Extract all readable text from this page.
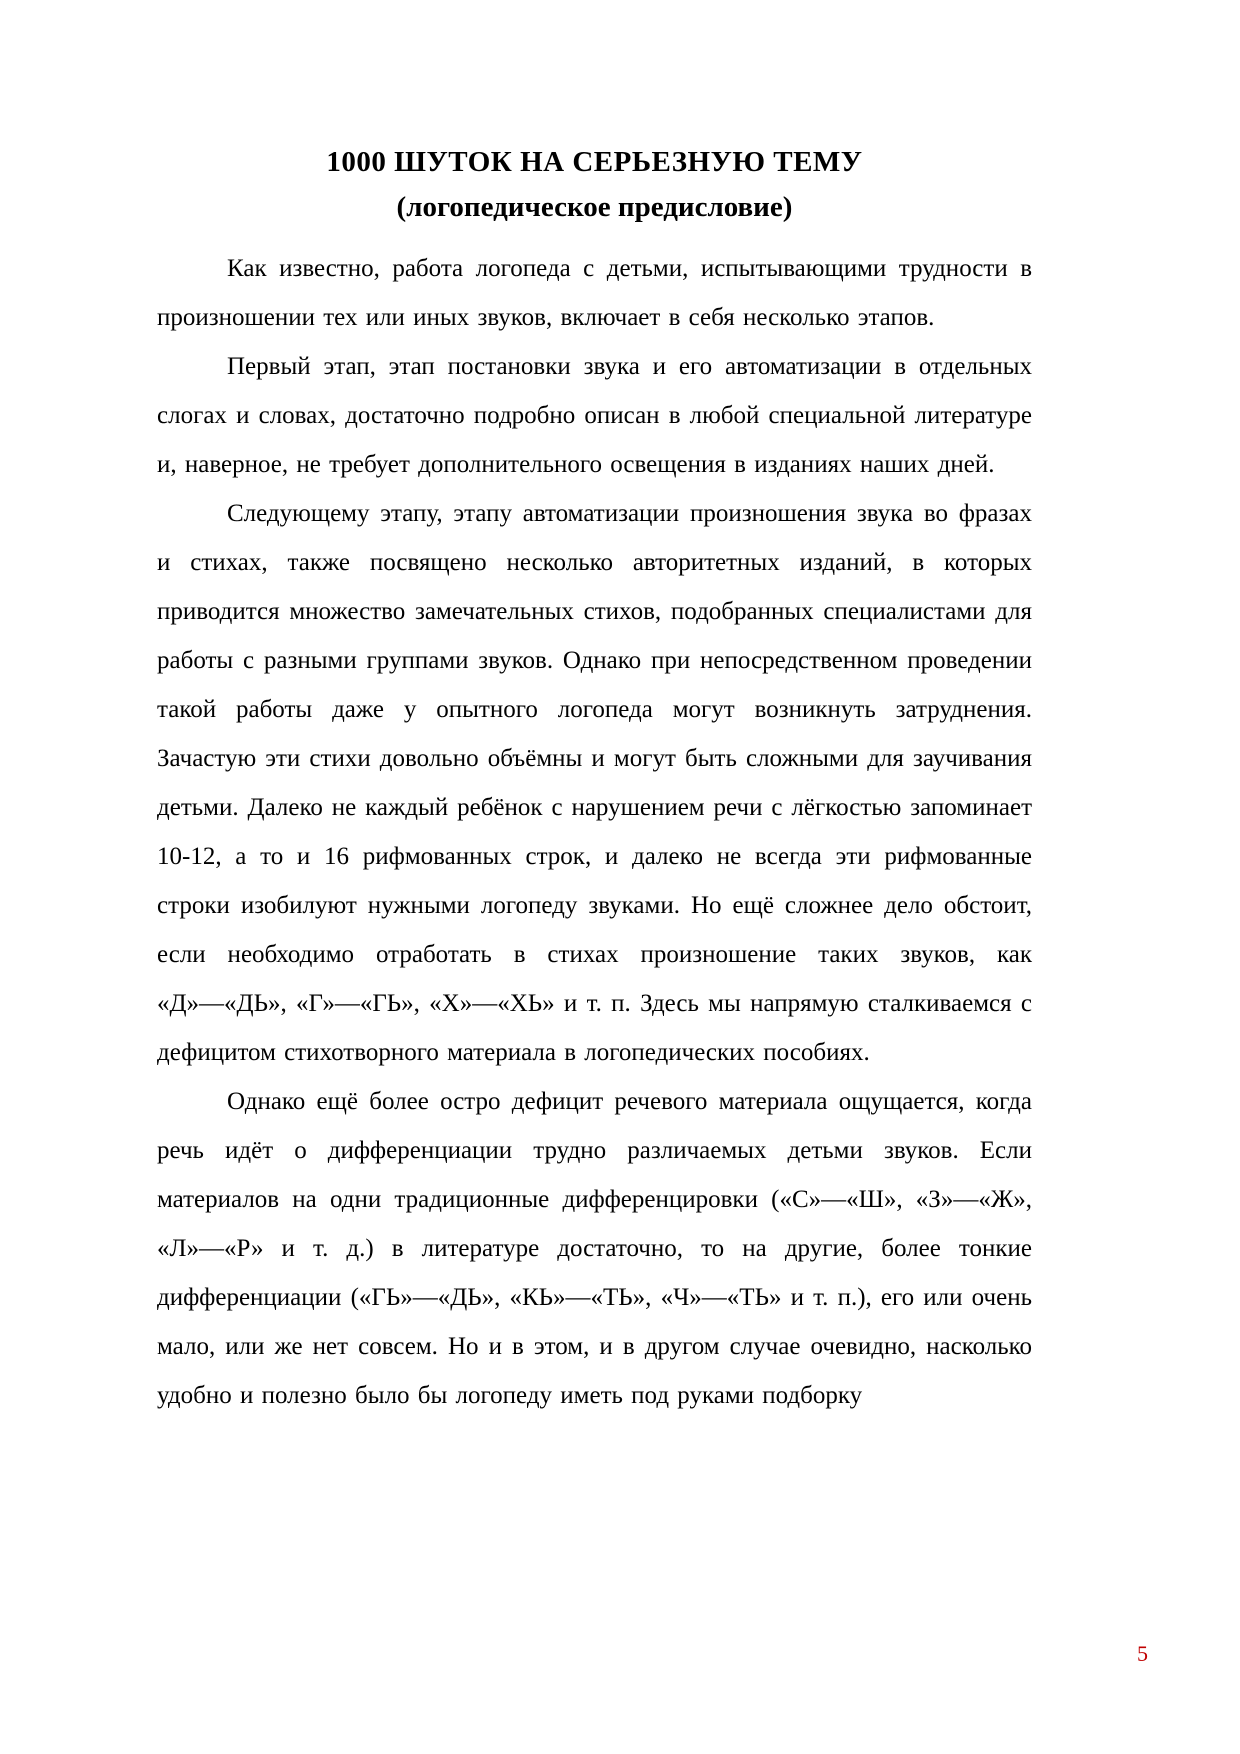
1000 ШУТОК НА СЕРЬЕЗНУЮ ТЕМУ
(логопедическое предисловие)

Как известно, работа логопеда с детьми, испытывающими трудности в произношении тех или иных звуков, включает в себя несколько этапов.

Первый этап, этап постановки звука и его автоматизации в отдельных слогах и словах, достаточно подробно описан в любой специальной литературе и, наверное, не требует дополнительного освещения в изданиях наших дней.

Следующему этапу, этапу автоматизации произношения звука во фразах и стихах, также посвящено несколько авторитетных изданий, в которых приводится множество замечательных стихов, подобранных специалистами для работы с разными группами звуков. Однако при непосредственном проведении такой работы даже у опытного логопеда могут возникнуть затруднения. Зачастую эти стихи довольно объёмны и могут быть сложными для заучивания детьми. Далеко не каждый ребёнок с нарушением речи с лёгкостью запоминает 10-12, а то и 16 рифмованных строк, и далеко не всегда эти рифмованные строки изобилуют нужными логопеду звуками. Но ещё сложнее дело обстоит, если необходимо отработать в стихах произношение таких звуков, как «Д»—«ДЬ», «Г»—«ГЬ», «Х»—«ХЬ» и т. п. Здесь мы напрямую сталкиваемся с дефицитом стихотворного материала в логопедических пособиях.

Однако ещё более остро дефицит речевого материала ощущается, когда речь идёт о дифференциации трудно различаемых детьми звуков. Если материалов на одни традиционные дифференцировки («С»—«Ш», «З»—«Ж», «Л»—«Р» и т. д.) в литературе достаточно, то на другие, более тонкие дифференциации («ГЬ»—«ДЬ», «КЬ»—«ТЬ», «Ч»—«ТЬ» и т. п.), его или очень мало, или же нет совсем. Но и в этом, и в другом случае очевидно, насколько удобно и полезно было бы логопеду иметь под руками подборку

5
